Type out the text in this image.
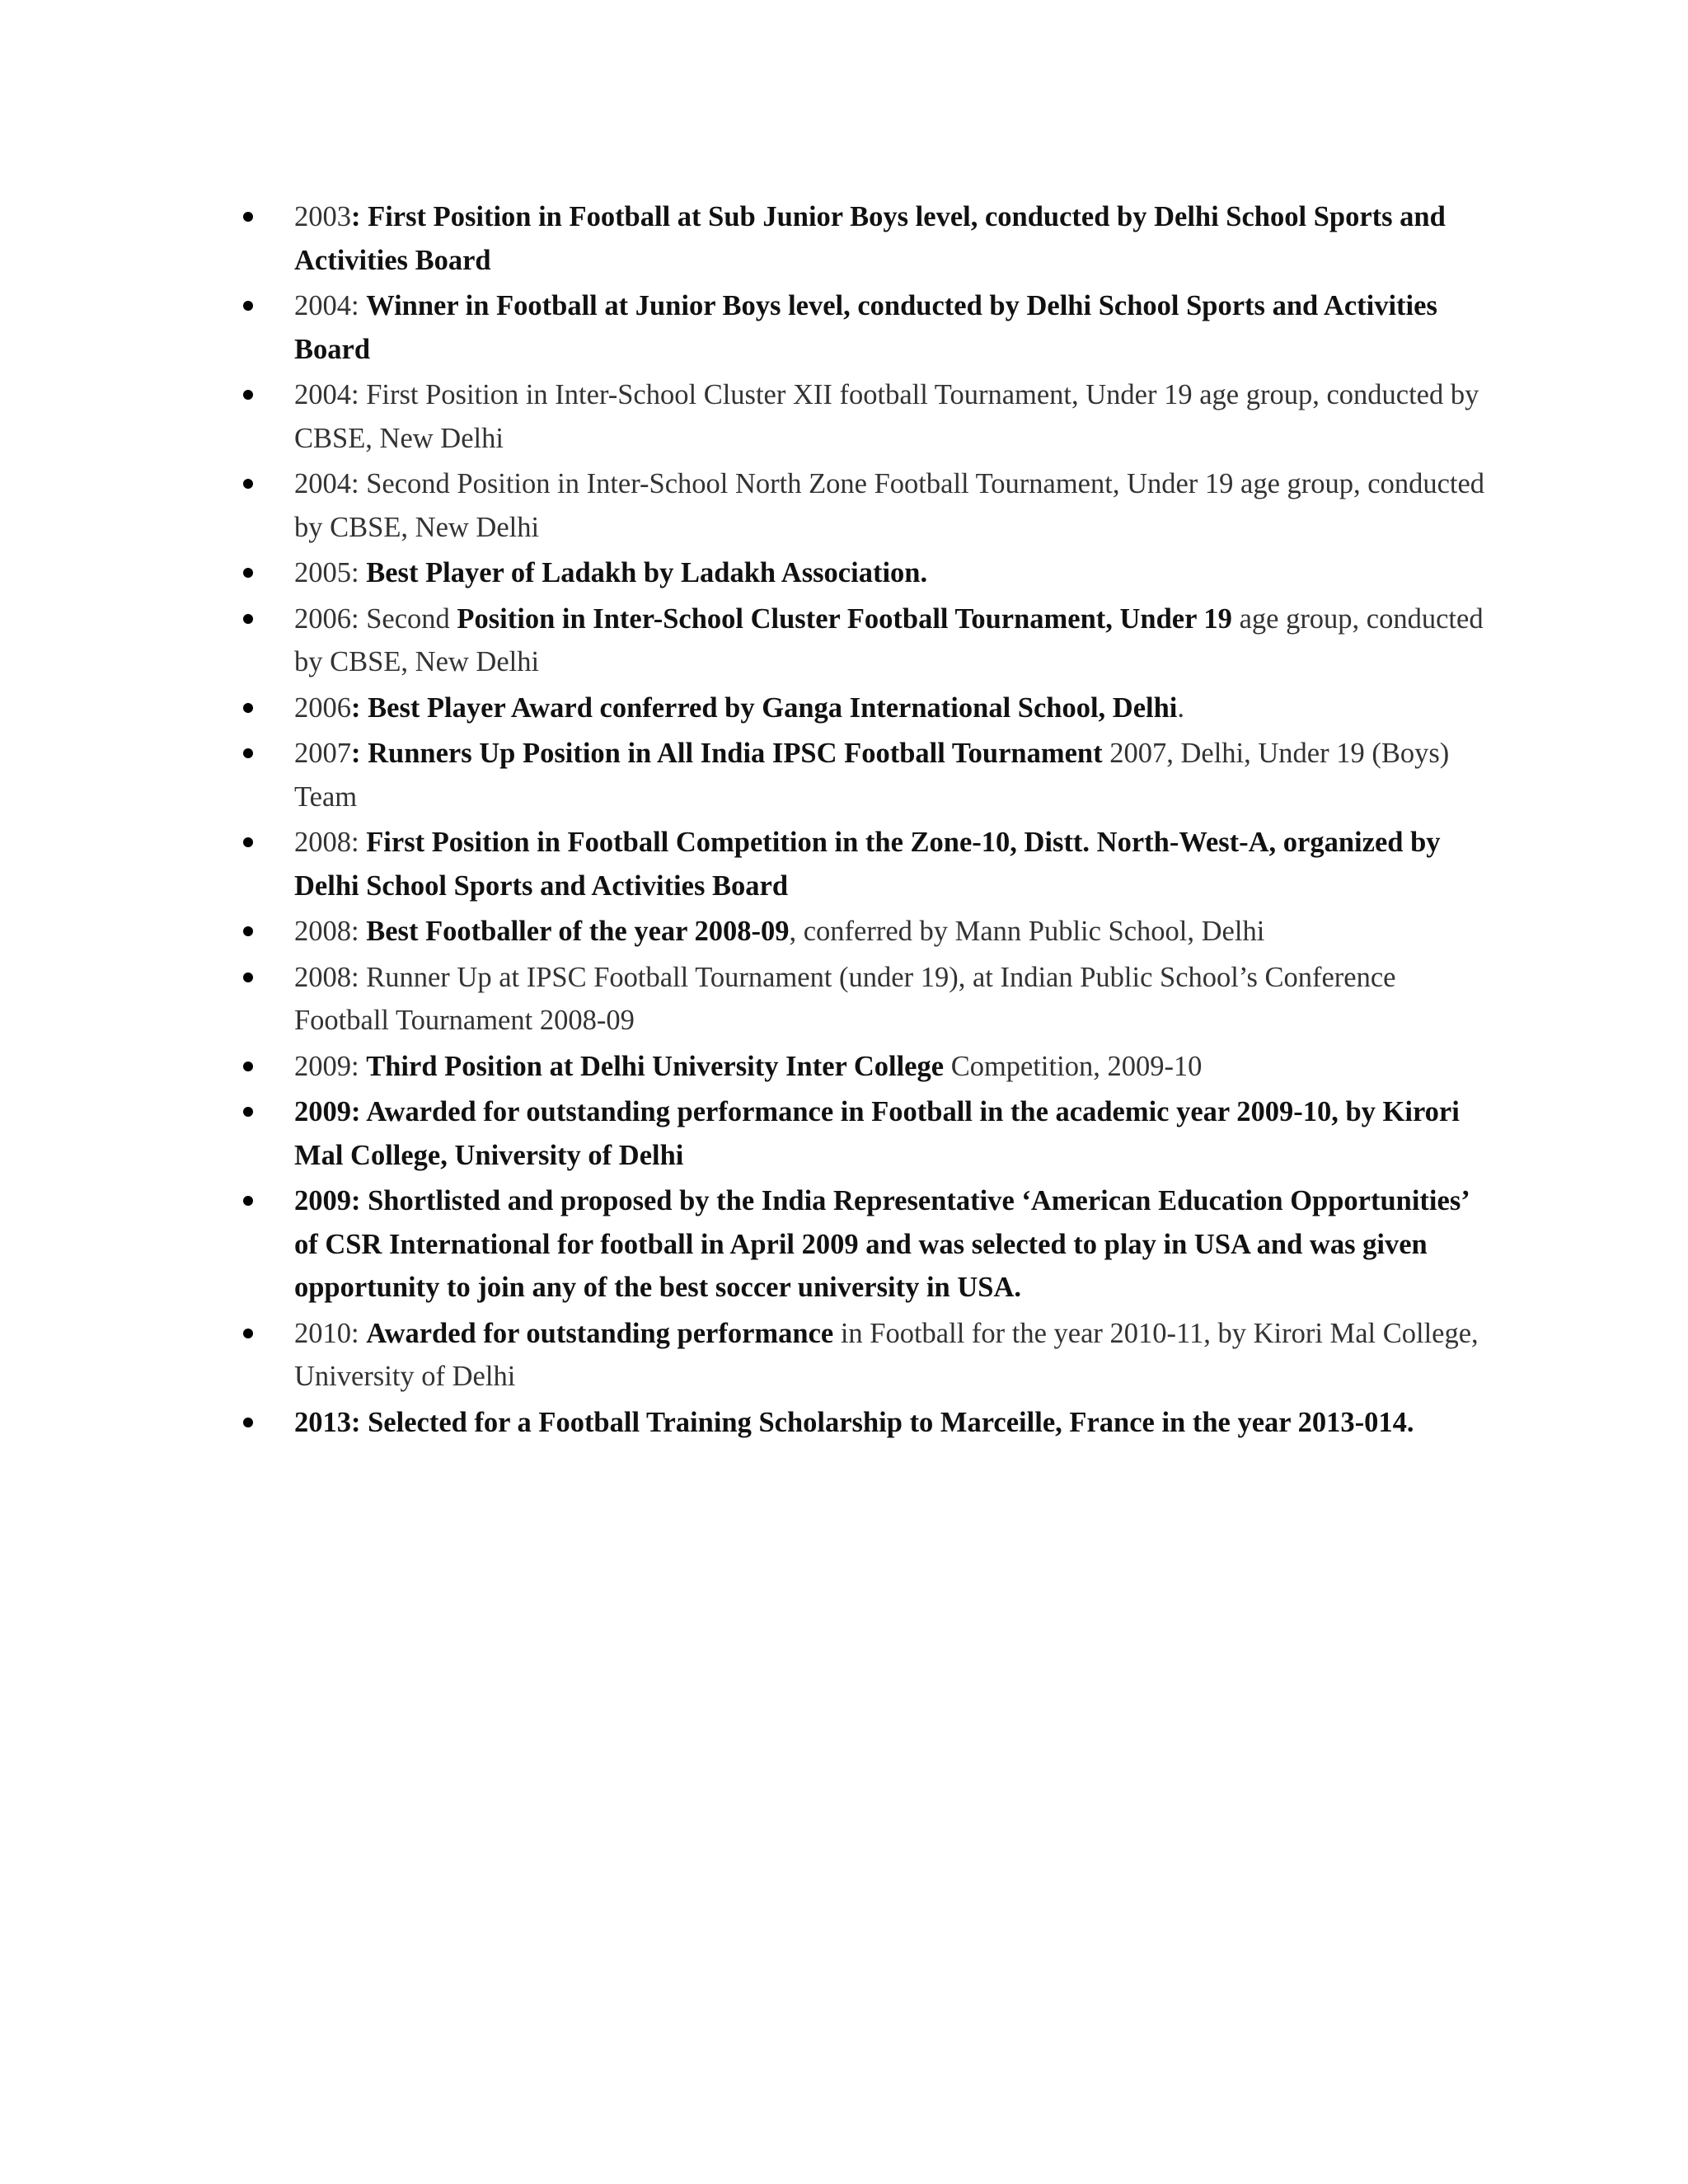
2003: First Position in Football at Sub Junior Boys level, conducted by Delhi School Sports and Activities Board
2004: Winner in Football at Junior Boys level, conducted by Delhi School Sports and Activities Board
2004: First Position in Inter-School Cluster XII football Tournament, Under 19 age group, conducted by CBSE, New Delhi
2004: Second Position in Inter-School North Zone Football Tournament, Under 19 age group, conducted by CBSE, New Delhi
2005: Best Player of Ladakh by Ladakh Association.
2006: Second Position in Inter-School Cluster Football Tournament, Under 19 age group, conducted by CBSE, New Delhi
2006: Best Player Award conferred by Ganga International School, Delhi.
2007: Runners Up Position in All India IPSC Football Tournament 2007, Delhi, Under 19 (Boys) Team
2008: First Position in Football Competition in the Zone-10, Distt. North-West-A, organized by Delhi School Sports and Activities Board
2008: Best Footballer of the year 2008-09, conferred by Mann Public School, Delhi
2008: Runner Up at IPSC Football Tournament (under 19), at Indian Public School’s Conference Football Tournament 2008-09
2009: Third Position at Delhi University Inter College Competition, 2009-10
2009: Awarded for outstanding performance in Football in the academic year 2009-10, by Kirori Mal College, University of Delhi
2009: Shortlisted and proposed by the India Representative ‘American Education Opportunities’ of CSR International for football in April 2009 and was selected to play in USA and was given opportunity to join any of the best soccer university in USA.
2010: Awarded for outstanding performance in Football for the year 2010-11, by Kirori Mal College, University of Delhi
2013: Selected for a Football Training Scholarship to Marceille, France in the year 2013-014.
